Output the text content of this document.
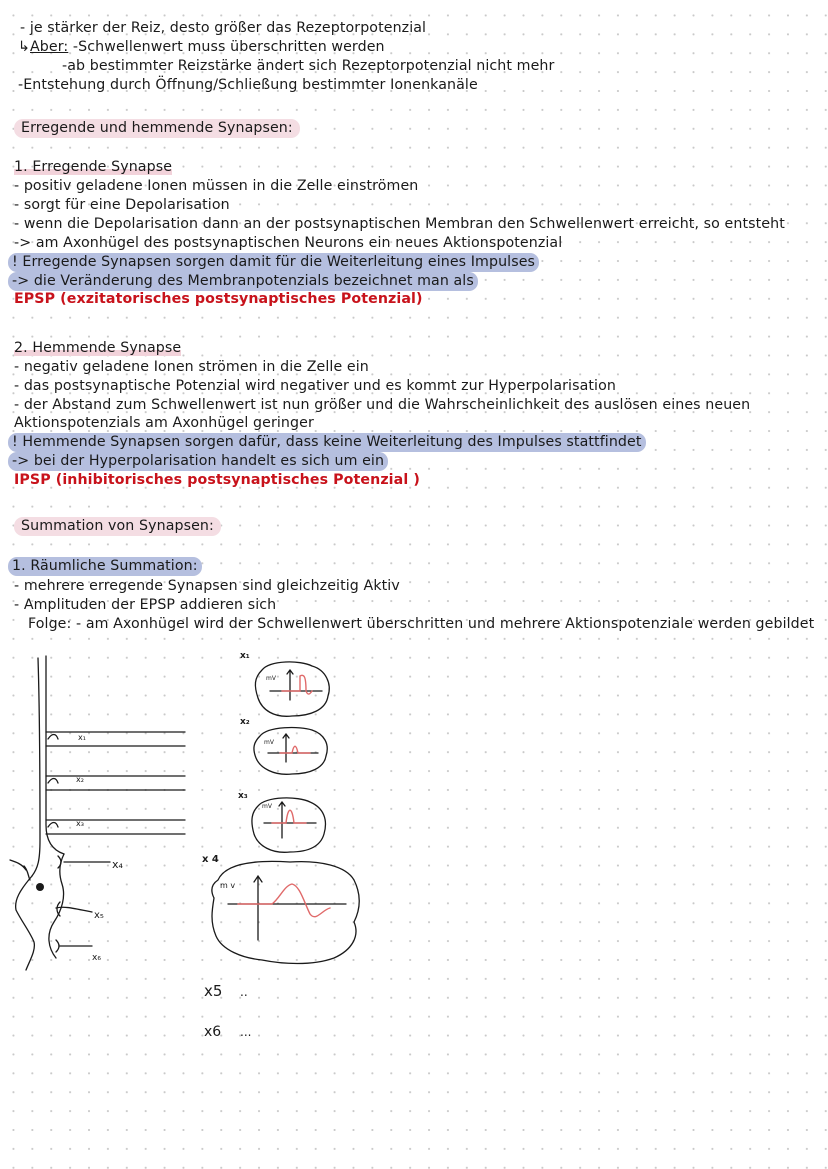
- je stärker der Reiz, desto größer das Rezeptorpotenzial
↳Aber: -Schwellenwert muss überschritten werden
-ab bestimmter Reizstärke ändert sich Rezeptorpotenzial nicht mehr
-Entstehung durch Öffnung/Schließung bestimmter Ionenkanäle
Erregende und hemmende Synapsen:
1. Erregende Synapse
- positiv geladene Ionen müssen in die Zelle einströmen
- sorgt für eine Depolarisation
- wenn die Depolarisation dann an der postsynaptischen Membran den Schwellenwert erreicht, so entsteht
-> am Axonhügel des postsynaptischen Neurons ein neues Aktionspotenzial
! Erregende Synapsen sorgen damit für die Weiterleitung eines Impulses
-> die Veränderung des Membranpotenzials bezeichnet man als
EPSP (exzitatorisches postsynaptisches Potenzial)
2. Hemmende Synapse
- negativ geladene Ionen strömen in die Zelle ein
- das postsynaptische Potenzial wird negativer und es kommt zur Hyperpolarisation
- der Abstand zum Schwellenwert ist nun größer und die Wahrscheinlichkeit des auslösen eines neuen
Aktionspotenzials am Axonhügel geringer
! Hemmende Synapsen sorgen dafür, dass keine Weiterleitung des Impulses stattfindet
-> bei der Hyperpolarisation handelt es sich um ein
IPSP (inhibitorisches postsynaptisches Potenzial )
Summation von Synapsen:
1. Räumliche Summation:
- mehrere erregende Synapsen sind gleichzeitig Aktiv
- Amplituden der EPSP addieren sich
Folge: - am Axonhügel wird der Schwellenwert überschritten und mehrere Aktionspotenziale werden gebildet
x₁
x₂
x₃
x₄
x₅
x₆
x₁
mV
x₂
mV
x₃
mV
x 4
m v
x5 ..
x6 ...
